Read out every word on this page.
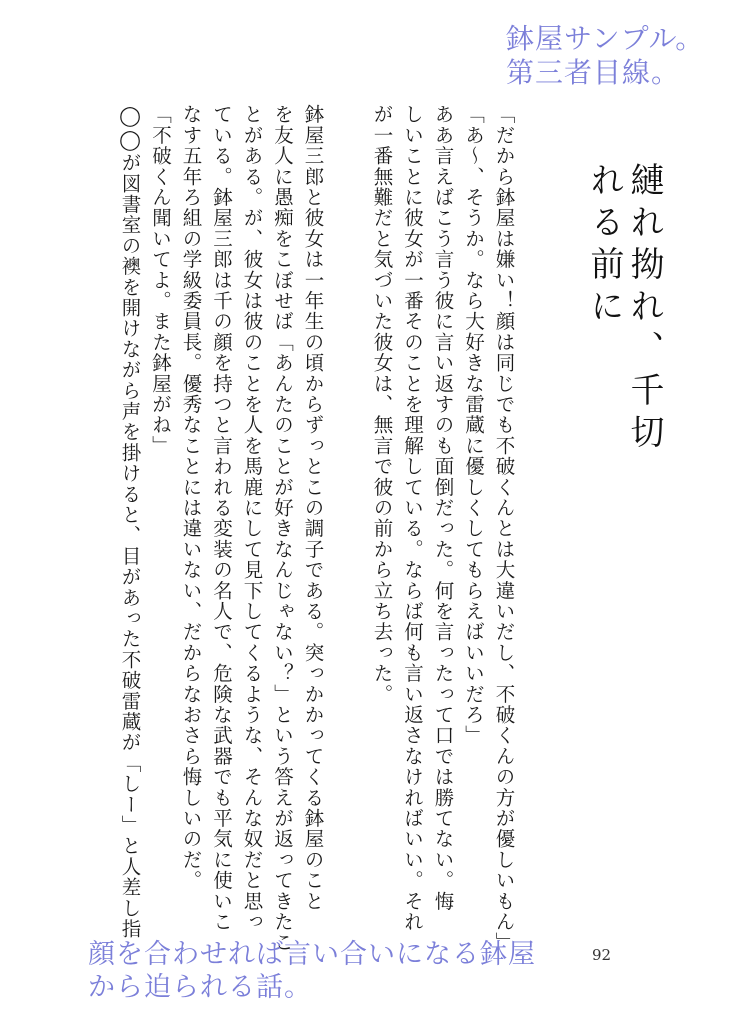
鉢屋サンプル。
第三者目線。
縺れ拗れ、千切れる前に

「だから鉢屋は嫌い！顔は同じでも不破くんとは大違いだし、不破くんの方が優しいもん」

「あ〜、そうか。なら大好きな雷蔵に優しくしてもらえばいいだろ」

ああ言えばこう言う彼に言い返すのも面倒だった。何を言ったって口では勝てない。悔

しいことに彼女が一番そのことを理解している。ならば何も言い返さなければいい。それ

が一番無難だと気づいた彼女は、無言で彼の前から立ち去った。

鉢屋三郎と彼女は一年生の頃からずっとこの調子である。突っかかってくる鉢屋のこと

を友人に愚痴をこぼせば「あんたのことが好きなんじゃない？」という答えが返ってきたこ

とがある。が、彼女は彼のことを人を馬鹿にして見下してくるような、そんな奴だと思っ

ている。鉢屋三郎は千の顔を持つと言われる変装の名人で、危険な武器でも平気に使いこ

なす五年ろ組の学級委員長。優秀なことには違いない、だからなおさら悔しいのだ。

「不破くん聞いてよ。また鉢屋がね」

◯◯が図書室の襖を開けながら声を掛けると、目があった不破雷蔵が「しー」と人差し指

92
顔を合わせれば言い合いになる鉢屋
から迫られる話。
